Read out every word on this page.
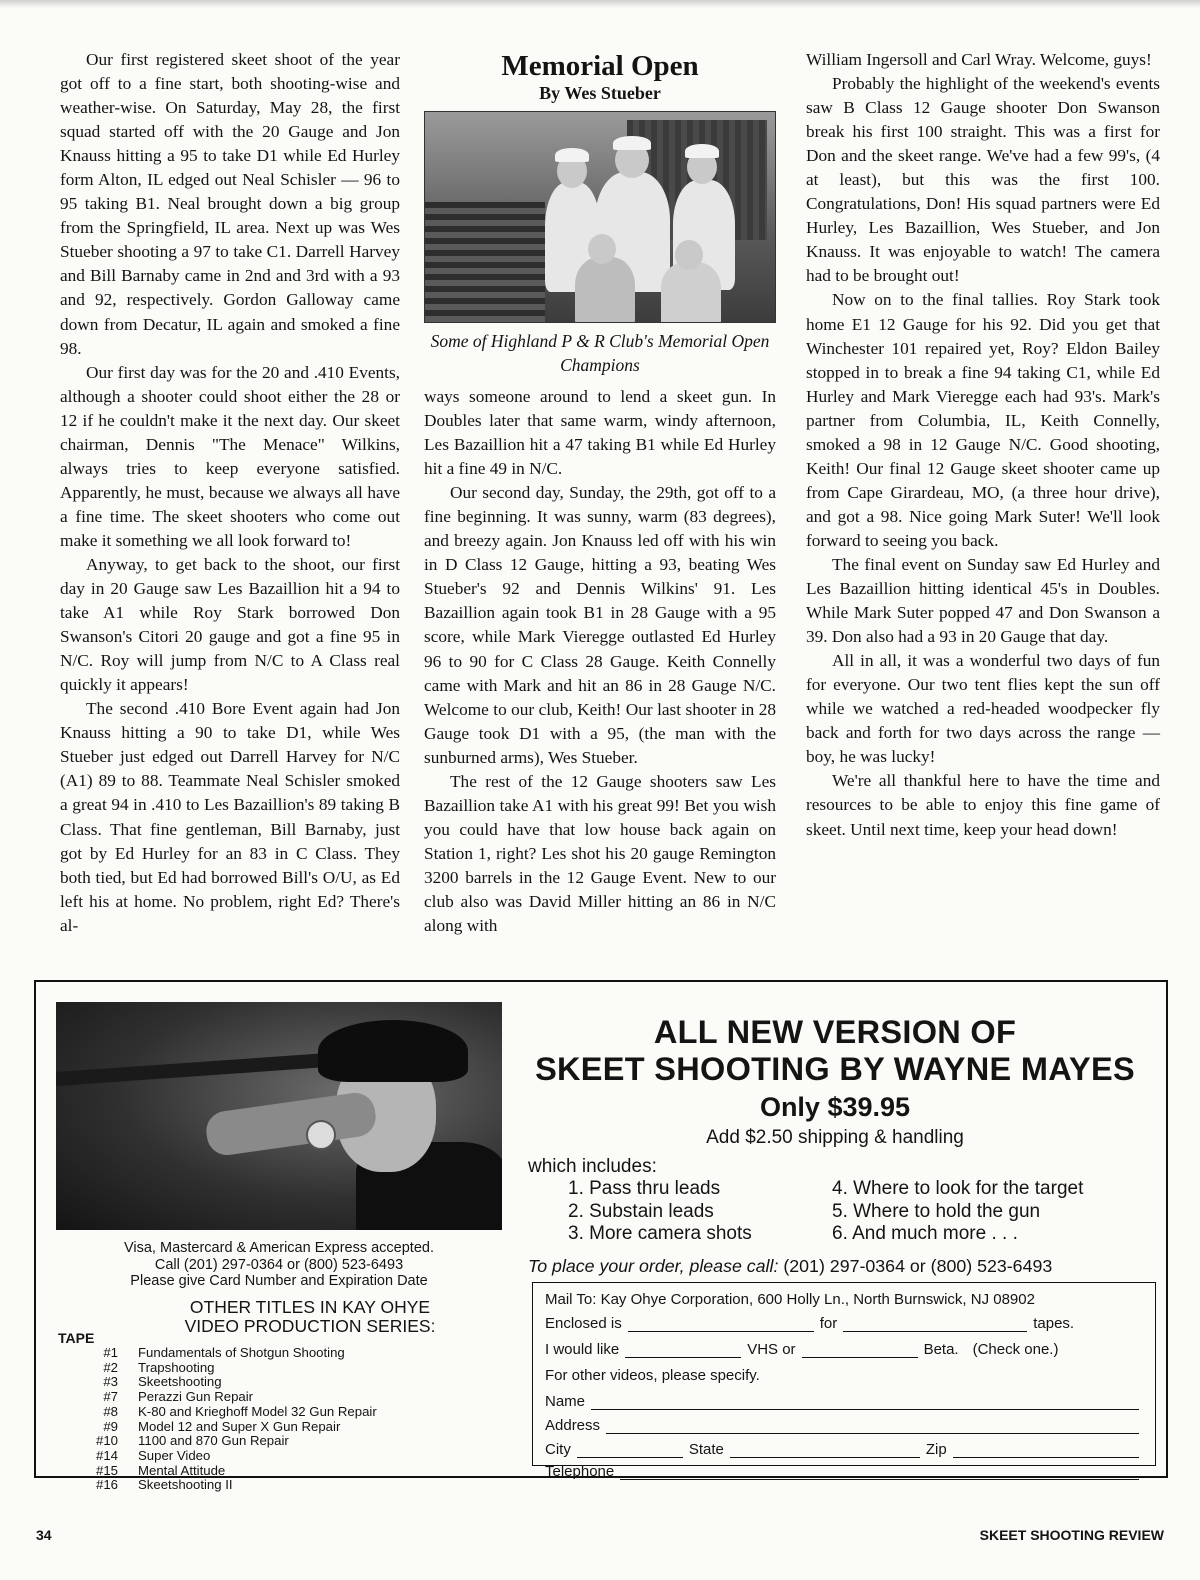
Our first registered skeet shoot of the year got off to a fine start, both shooting-wise and weather-wise. On Saturday, May 28, the first squad started off with the 20 Gauge and Jon Knauss hitting a 95 to take D1 while Ed Hurley form Alton, IL edged out Neal Schisler — 96 to 95 taking B1. Neal brought down a big group from the Springfield, IL area. Next up was Wes Stueber shooting a 97 to take C1. Darrell Harvey and Bill Barnaby came in 2nd and 3rd with a 93 and 92, respectively. Gordon Galloway came down from Decatur, IL again and smoked a fine 98.

Our first day was for the 20 and .410 Events, although a shooter could shoot either the 28 or 12 if he couldn't make it the next day. Our skeet chairman, Dennis "The Menace" Wilkins, always tries to keep everyone satisfied. Apparently, he must, because we always all have a fine time. The skeet shooters who come out make it something we all look forward to!

Anyway, to get back to the shoot, our first day in 20 Gauge saw Les Bazaillion hit a 94 to take A1 while Roy Stark borrowed Don Swanson's Citori 20 gauge and got a fine 95 in N/C. Roy will jump from N/C to A Class real quickly it appears!

The second .410 Bore Event again had Jon Knauss hitting a 90 to take D1, while Wes Stueber just edged out Darrell Harvey for N/C (A1) 89 to 88. Teammate Neal Schisler smoked a great 94 in .410 to Les Bazaillion's 89 taking B Class. That fine gentleman, Bill Barnaby, just got by Ed Hurley for an 83 in C Class. They both tied, but Ed had borrowed Bill's O/U, as Ed left his at home. No problem, right Ed? There's al-

Memorial Open
By Wes Stueber
Some of Highland P & R Club's Memorial Open Champions

ways someone around to lend a skeet gun. In Doubles later that same warm, windy afternoon, Les Bazaillion hit a 47 taking B1 while Ed Hurley hit a fine 49 in N/C.

Our second day, Sunday, the 29th, got off to a fine beginning. It was sunny, warm (83 degrees), and breezy again. Jon Knauss led off with his win in D Class 12 Gauge, hitting a 93, beating Wes Stueber's 92 and Dennis Wilkins' 91. Les Bazaillion again took B1 in 28 Gauge with a 95 score, while Mark Vieregge outlasted Ed Hurley 96 to 90 for C Class 28 Gauge. Keith Connelly came with Mark and hit an 86 in 28 Gauge N/C. Welcome to our club, Keith! Our last shooter in 28 Gauge took D1 with a 95, (the man with the sunburned arms), Wes Stueber.

The rest of the 12 Gauge shooters saw Les Bazaillion take A1 with his great 99! Bet you wish you could have that low house back again on Station 1, right? Les shot his 20 gauge Remington 3200 barrels in the 12 Gauge Event. New to our club also was David Miller hitting an 86 in N/C along with

William Ingersoll and Carl Wray. Welcome, guys!

Probably the highlight of the weekend's events saw B Class 12 Gauge shooter Don Swanson break his first 100 straight. This was a first for Don and the skeet range. We've had a few 99's, (4 at least), but this was the first 100. Congratulations, Don! His squad partners were Ed Hurley, Les Bazaillion, Wes Stueber, and Jon Knauss. It was enjoyable to watch! The camera had to be brought out!

Now on to the final tallies. Roy Stark took home E1 12 Gauge for his 92. Did you get that Winchester 101 repaired yet, Roy? Eldon Bailey stopped in to break a fine 94 taking C1, while Ed Hurley and Mark Vieregge each had 93's. Mark's partner from Columbia, IL, Keith Connelly, smoked a 98 in 12 Gauge N/C. Good shooting, Keith! Our final 12 Gauge skeet shooter came up from Cape Girardeau, MO, (a three hour drive), and got a 98. Nice going Mark Suter! We'll look forward to seeing you back.

The final event on Sunday saw Ed Hurley and Les Bazaillion hitting identical 45's in Doubles. While Mark Suter popped 47 and Don Swanson a 39. Don also had a 93 in 20 Gauge that day.

All in all, it was a wonderful two days of fun for everyone. Our two tent flies kept the sun off while we watched a red-headed woodpecker fly back and forth for two days across the range — boy, he was lucky!

We're all thankful here to have the time and resources to be able to enjoy this fine game of skeet. Until next time, keep your head down!

Visa, Mastercard & American Express accepted.
Call (201) 297-0364 or (800) 523-6493
Please give Card Number and Expiration Date
OTHER TITLES IN KAY OHYE
VIDEO PRODUCTION SERIES:
TAPE
#1	Fundamentals of Shotgun Shooting
#2	Trapshooting
#3	Skeetshooting
#7	Perazzi Gun Repair
#8	K-80 and Krieghoff Model 32 Gun Repair
#9	Model 12 and Super X Gun Repair
#10	1100 and 870 Gun Repair
#14	Super Video
#15	Mental Attitude
#16	Skeetshooting II
ALL NEW VERSION OF
SKEET SHOOTING BY WAYNE MAYES
Only $39.95
Add $2.50 shipping & handling
which includes:
1. Pass thru leads
2. Substain leads
3. More camera shots
4. Where to look for the target
5. Where to hold the gun
6. And much more . . .
To place your order, please call: (201) 297-0364 or (800) 523-6493
Mail To: Kay Ohye Corporation, 600 Holly Ln., North Burnswick, NJ 08902
Enclosed is	for	tapes.
I would like	VHS or	Beta. (Check one.)
For other videos, please specify.
Name
Address
City	State	Zip
Telephone
34	SKEET SHOOTING REVIEW
